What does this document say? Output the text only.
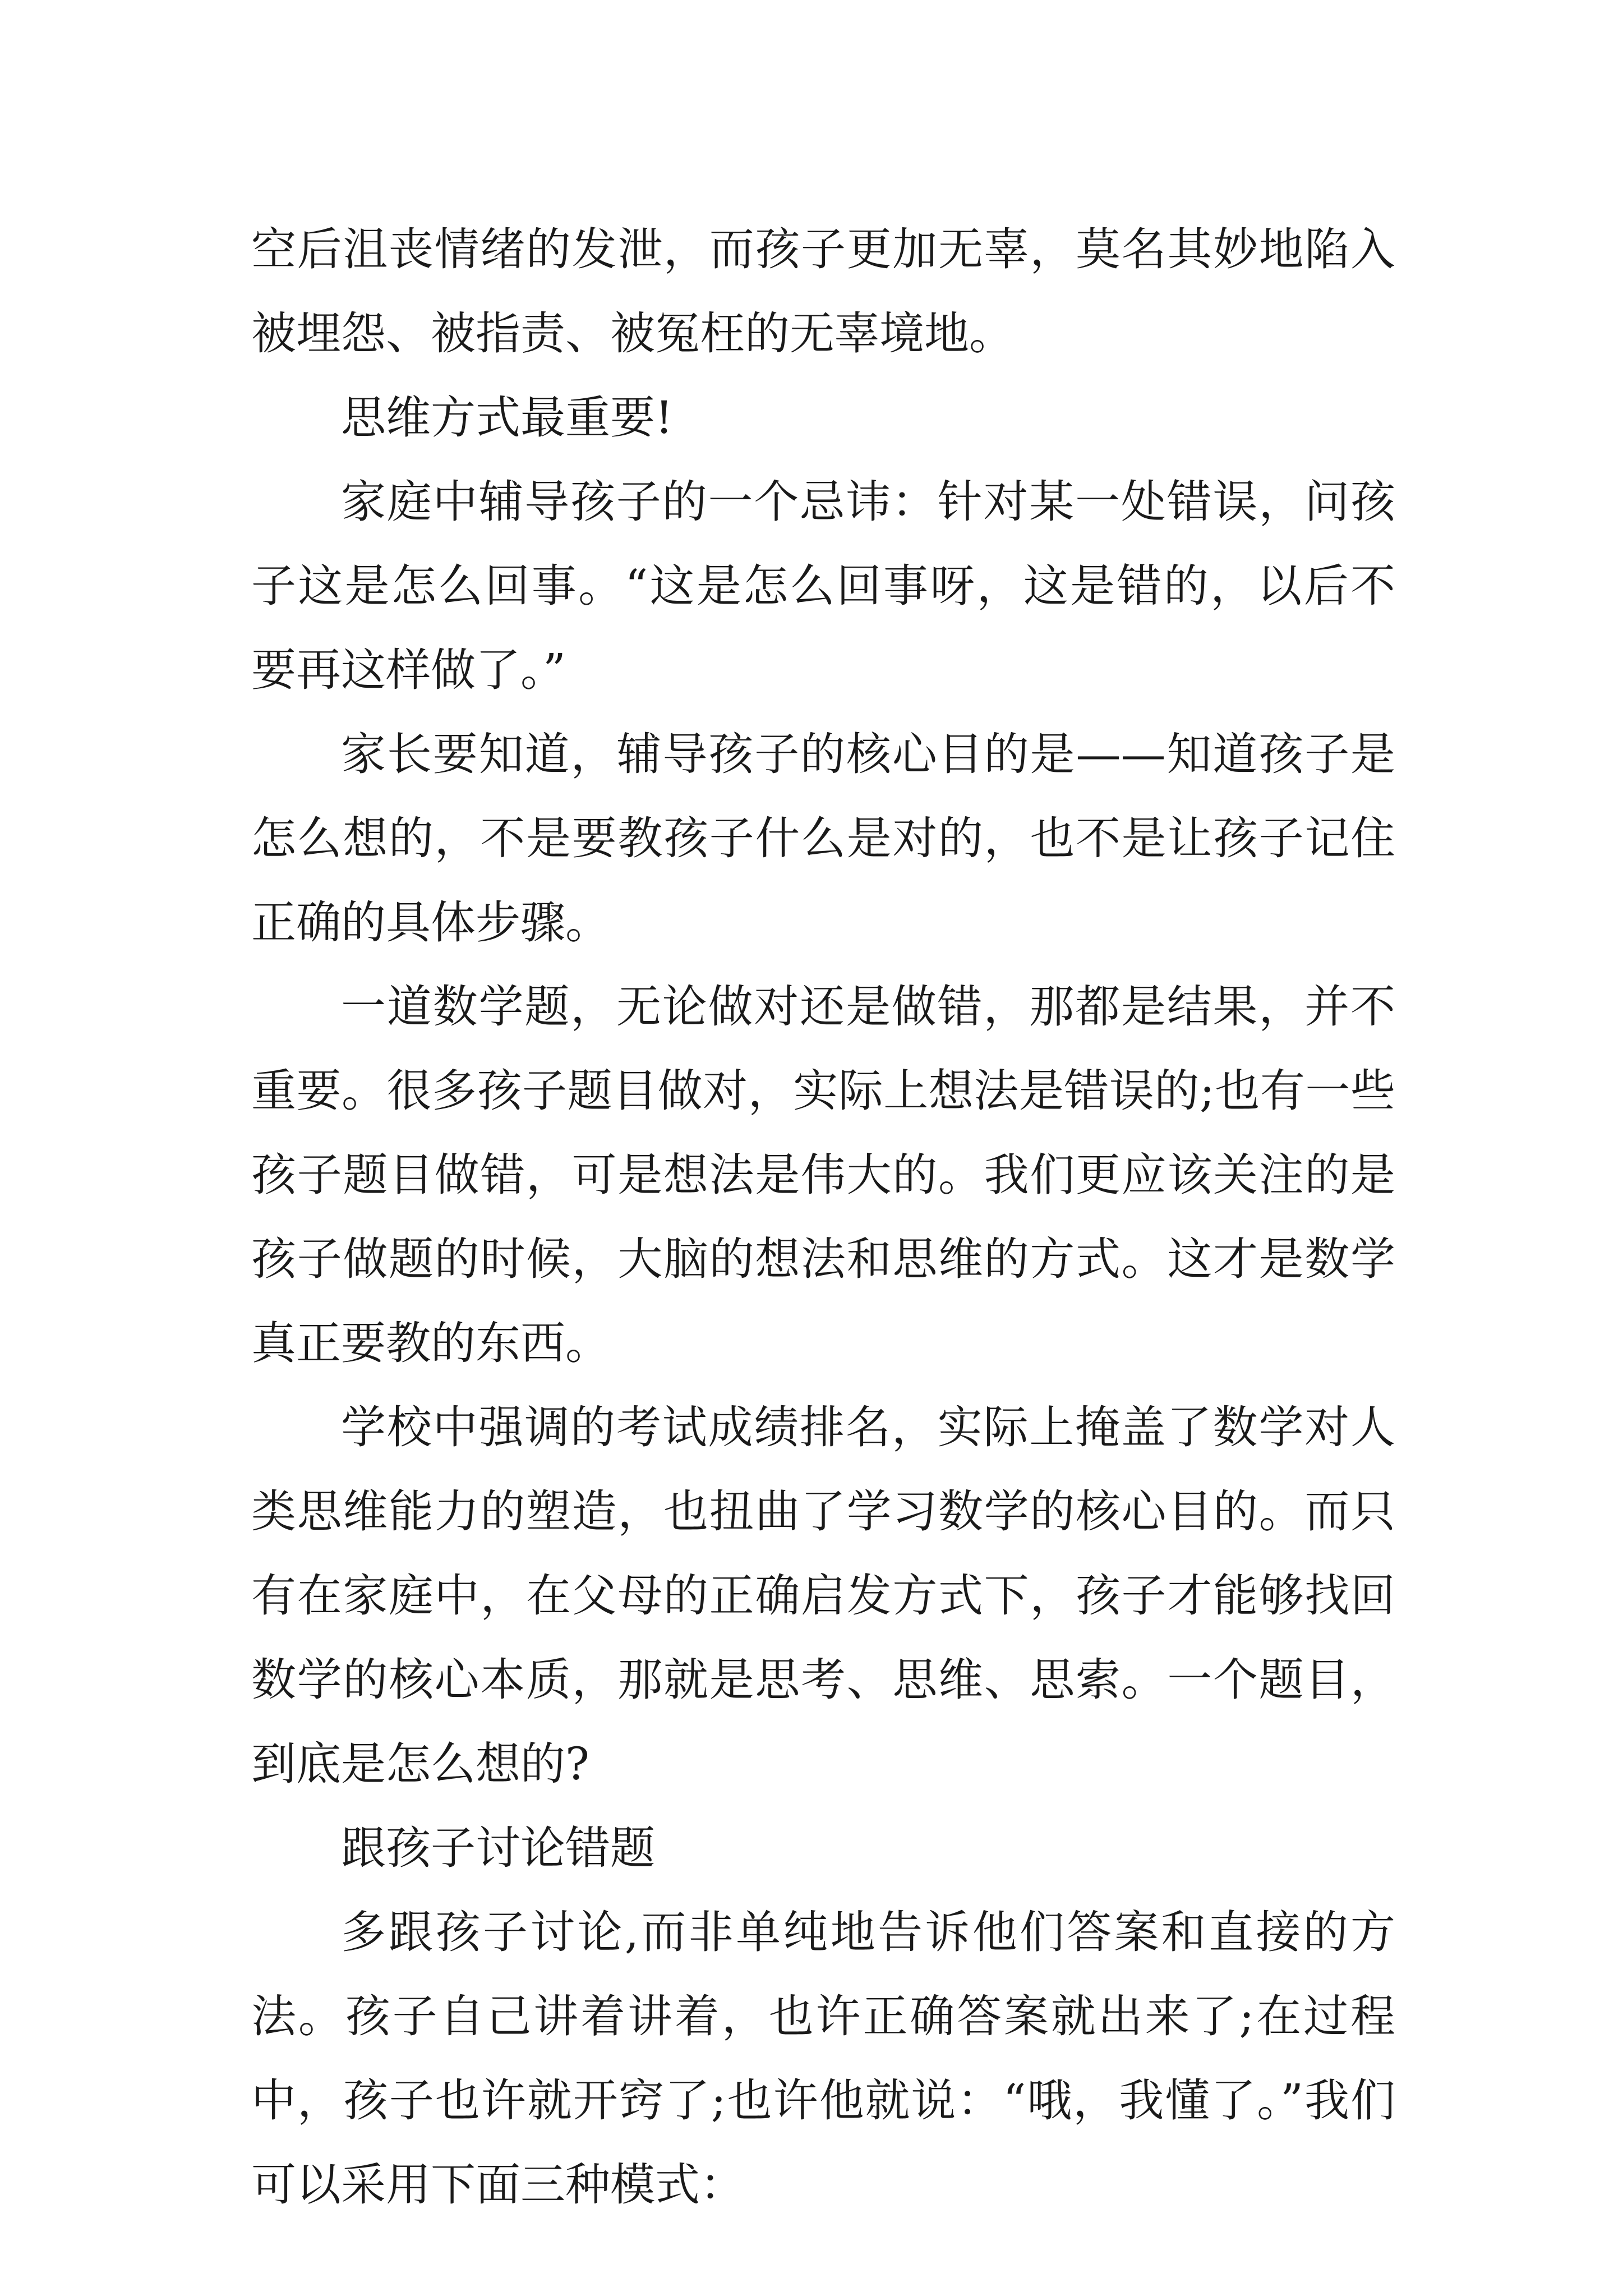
空后沮丧情绪的发泄，而孩子更加无辜，莫名其妙地陷入被埋怨、被指责、被冤枉的无辜境地。

思维方式最重要!

家庭中辅导孩子的一个忌讳：针对某一处错误，问孩子这是怎么回事。“这是怎么回事呀，这是错的，以后不要再这样做了。”

家长要知道，辅导孩子的核心目的是——知道孩子是怎么想的，不是要教孩子什么是对的，也不是让孩子记住正确的具体步骤。

一道数学题，无论做对还是做错，那都是结果，并不重要。很多孩子题目做对，实际上想法是错误的;也有一些孩子题目做错，可是想法是伟大的。我们更应该关注的是孩子做题的时候，大脑的想法和思维的方式。这才是数学真正要教的东西。

学校中强调的考试成绩排名，实际上掩盖了数学对人类思维能力的塑造，也扭曲了学习数学的核心目的。而只有在家庭中，在父母的正确启发方式下，孩子才能够找回数学的核心本质，那就是思考、思维、思索。一个题目，到底是怎么想的?

跟孩子讨论错题

多跟孩子讨论,而非单纯地告诉他们答案和直接的方法。孩子自己讲着讲着，也许正确答案就出来了;在过程中，孩子也许就开窍了;也许他就说：“哦，我懂了。”我们可以采用下面三种模式：
